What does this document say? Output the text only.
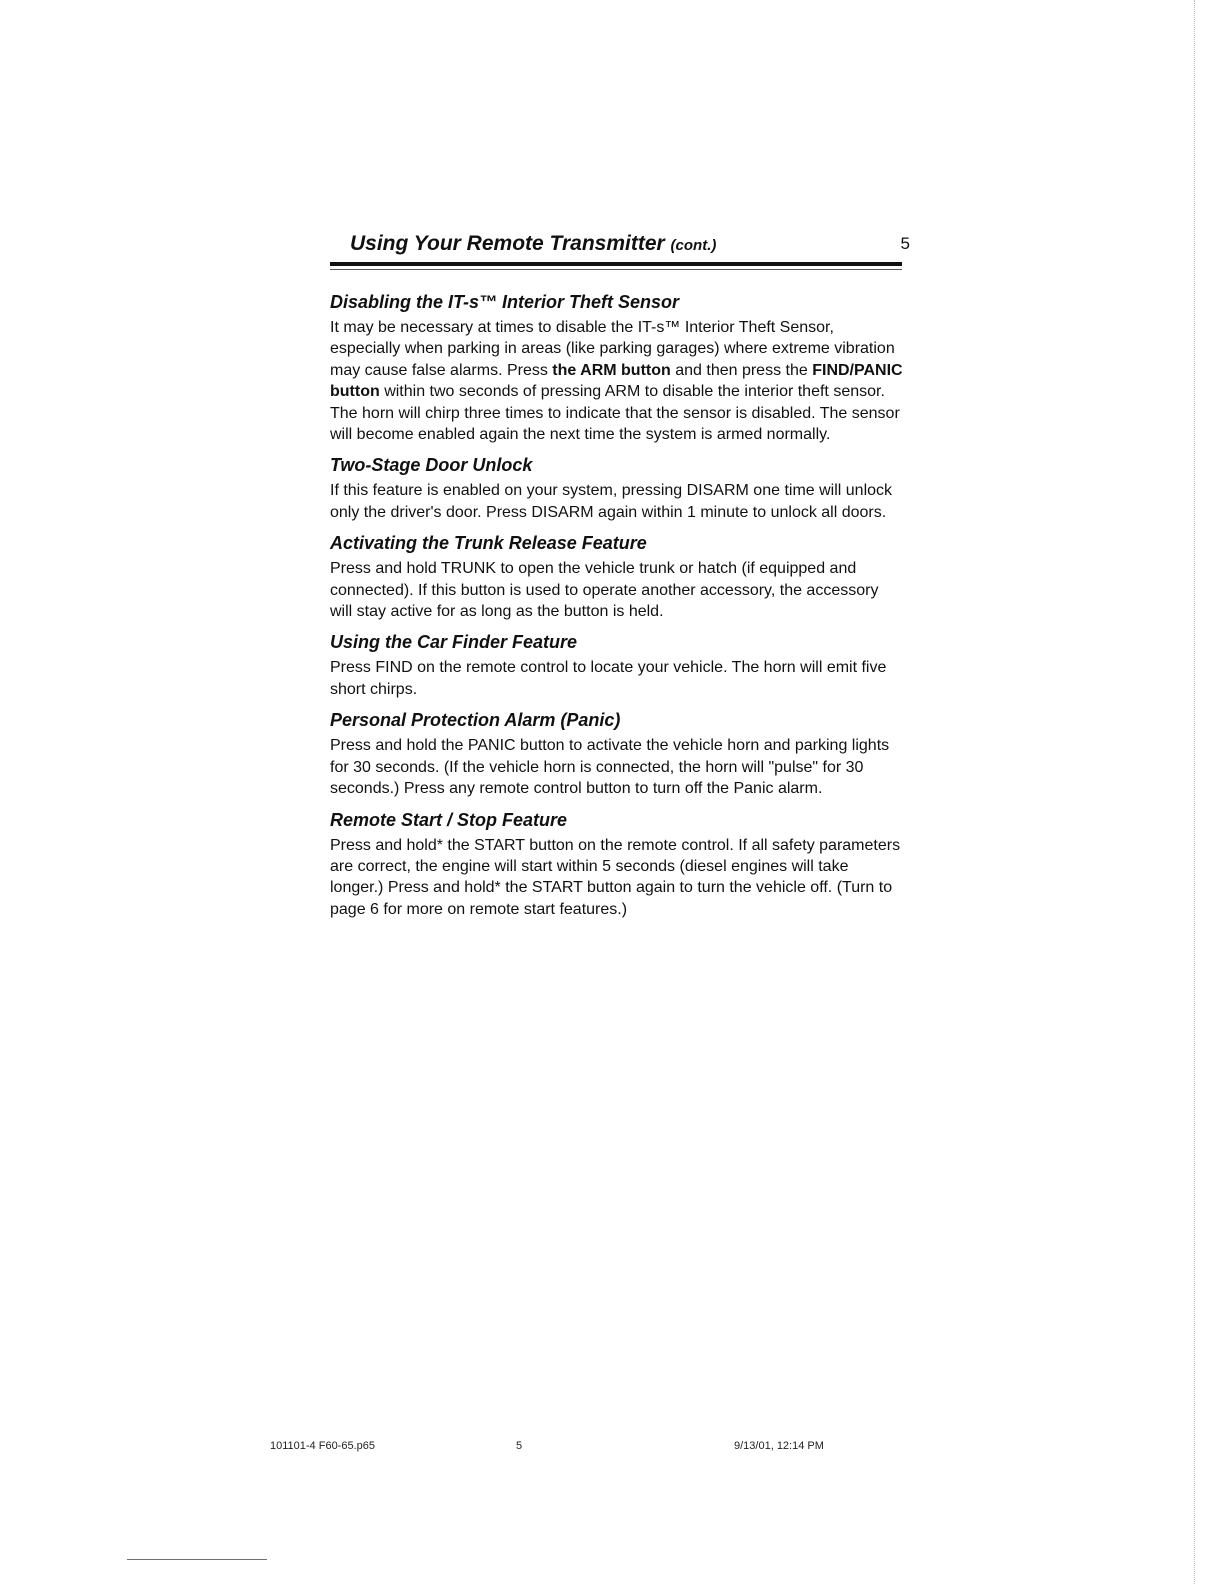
Using Your Remote Transmitter (cont.)	5

Disabling the IT-s™ Interior Theft Sensor

It may be necessary at times to disable the IT-s™ Interior Theft Sensor, especially when parking in areas (like parking garages) where extreme vibration may cause false alarms. Press the ARM button and then press the FIND/PANIC button within two seconds of pressing ARM to disable the interior theft sensor. The horn will chirp three times to indicate that the sensor is disabled. The sensor will become enabled again the next time the system is armed normally.

Two-Stage Door Unlock

If this feature is enabled on your system, pressing DISARM one time will unlock only the driver's door. Press DISARM again within 1 minute to unlock all doors.

Activating the Trunk Release Feature

Press and hold TRUNK to open the vehicle trunk or hatch (if equipped and connected). If this button is used to operate another accessory, the accessory will stay active for as long as the button is held.

Using the Car Finder Feature

Press FIND on the remote control to locate your vehicle. The horn will emit five short chirps.

Personal Protection Alarm (Panic)

Press and hold the PANIC button to activate the vehicle horn and parking lights for 30 seconds. (If the vehicle horn is connected, the horn will "pulse" for 30 seconds.) Press any remote control button to turn off the Panic alarm.

Remote Start / Stop Feature

Press and hold* the START button on the remote control. If all safety parameters are correct, the engine will start within 5 seconds (diesel engines will take longer.) Press and hold* the START button again to turn the vehicle off. (Turn to page 6 for more on remote start features.)

101101-4 F60-65.p65	5	9/13/01, 12:14 PM
